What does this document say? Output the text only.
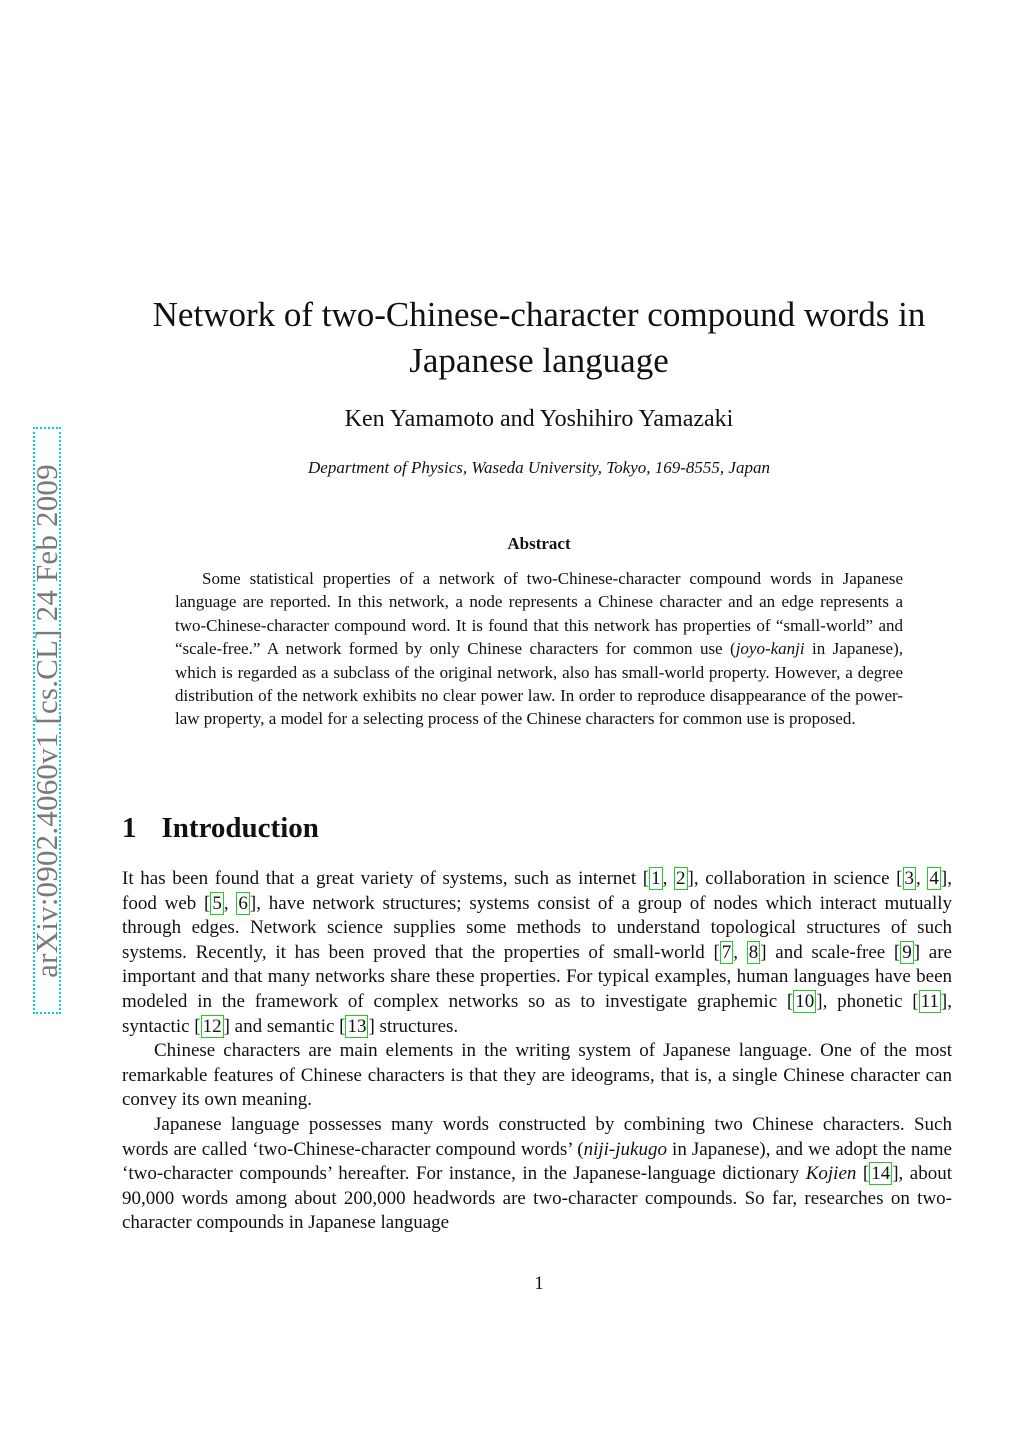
arXiv:0902.4060v1 [cs.CL] 24 Feb 2009
Network of two-Chinese-character compound words in Japanese language
Ken Yamamoto and Yoshihiro Yamazaki
Department of Physics, Waseda University, Tokyo, 169-8555, Japan
Abstract

Some statistical properties of a network of two-Chinese-character compound words in Japanese language are reported. In this network, a node represents a Chinese character and an edge represents a two-Chinese-character compound word. It is found that this network has properties of “small-world” and “scale-free.” A network formed by only Chinese characters for common use (joyo-kanji in Japanese), which is regarded as a subclass of the original network, also has small-world property. However, a degree distribution of the network exhibits no clear power law. In order to reproduce disappearance of the power-law property, a model for a selecting process of the Chinese characters for common use is proposed.

1 Introduction

It has been found that a great variety of systems, such as internet [ 1 , 2 ], collaboration in science [ 3 , 4 ], food web [ 5 , 6 ], have network structures; systems consist of a group of nodes which interact mutually through edges. Network science supplies some methods to understand topological structures of such systems. Recently, it has been proved that the properties of small-world [ 7 , 8 ] and scale-free [ 9 ] are important and that many networks share these properties. For typical examples, human languages have been modeled in the framework of complex networks so as to investigate graphemic [ 10 ], phonetic [ 11 ], syntactic [ 12 ] and semantic [ 13 ] structures.

Chinese characters are main elements in the writing system of Japanese language. One of the most remarkable features of Chinese characters is that they are ideograms, that is, a single Chinese character can convey its own meaning.

Japanese language possesses many words constructed by combining two Chinese characters. Such words are called ‘two-Chinese-character compound words’ (niji-jukugo in Japanese), and we adopt the name ‘two-character compounds’ hereafter. For instance, in the Japanese-language dictionary Kojien [ 14 ], about 90,000 words among about 200,000 headwords are two-character compounds. So far, researches on two-character compounds in Japanese language

1
